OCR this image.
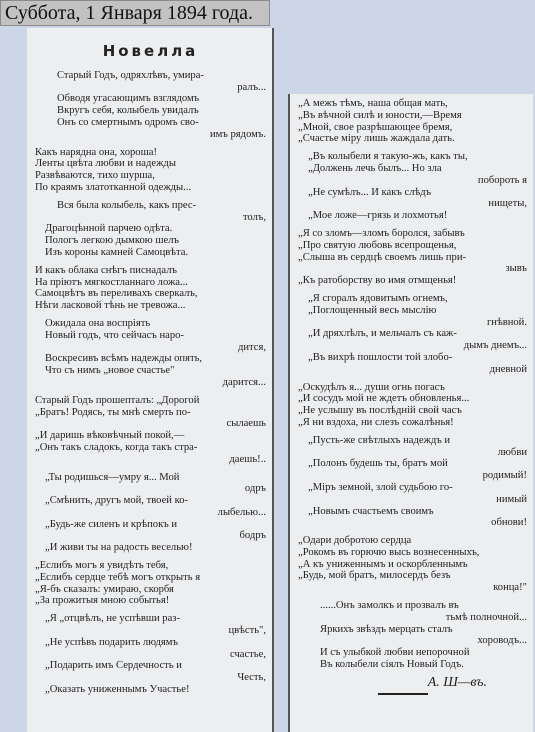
Суббота, 1 Января 1894 года.
Новелла
Старый Годъ, одряхлѣвъ, умира-
ралъ...
Обводя угасающимъ взглядомъ
Вкругъ себя, колыбель увидалъ
Онъ со смертнымъ одромъ сво-
имъ рядомъ.
Какъ нарядна она, хороша!
Ленты цвѣта любви и надежды
Развѣваются, тихо шурша,
По краямъ златотканной одежды...
Вся была колыбель, какъ прес-
толъ,
Драгоцѣнной парчею одѣта.
Пологъ легкою дымкою шелъ
Изъ короны камней Самоцвѣта.
И какъ облака снѣгъ писнадалъ
На пріютъ мягкостланнаго ложа...
Самоцвѣтъ въ переливахъ сверкалъ,
Нѣги ласковой тѣнь не тревожа...
Ожидала она воспріять
Новый годъ, что сейчасъ наро-
дится,
Воскресивъ всѣмъ надежды опять,
Что съ нимъ „новое счастье"
дарится...
Старый Годъ прошепталъ: „Дорогой
„Братъ! Родясь, ты мнѣ смерть по-
сылаешь
„И даришь вѣковѣчный покой,—
„Онъ такъ сладокъ, когда такъ стра-
даешь!..
„Ты родишься—умру я... Мой
одръ
„Смѣнить, другъ мой, твоей ко-
лыбелью...
„Будь-же силенъ и крѣпокъ и
бодръ
„И живи ты на радость веселью!
„Еслибъ могъ я увидѣть тебя,
„Еслибъ сердце тебѣ могъ открыть я
„Я-бъ сказалъ: умираю, скорбя
„За прожитыя мною событья!
„Я „отцвѣлъ, не успѣвши раз-
цвѣсть",
„Не успѣвъ подарить людямъ
счастье,
„Подарить имъ Сердечность и
Честь,
„Оказать униженнымъ Участье!
„А межъ тѣмъ, наша общая мать,
„Въ вѣчной силѣ и юности,—Время
„Мной, свое разрѣшающее бремя,
„Счастье міру лишь жаждала дать.
„Въ колыбели я такую-жъ, какъ ты,
„Должень лечь былъ... Но зла
побороть я
„Не сумѣлъ... И какъ слѣдъ
нищеты,
„Мое ложе—грязь и лохмотья!
„Я со зломъ—зломъ боролся, забывъ
„Про святую любовь всепрощенья,
„Слыша въ сердцѣ своемъ лишь при-
зывъ
„Къ ратоборству во имя отмщенья!
„Я сгоралъ ядовитымъ огнемъ,
„Поглощенный весь мыслію
гнѣвной.
„И дряхлѣлъ, и мельчалъ съ каж-
дымъ днемъ...
„Въ вихрѣ пошлости той злобо-
дневной
„Оскудѣлъ я... души огнь погасъ
„И сосудъ мой не ждетъ обновленья...
„Не услышу въ послѣдній свой часъ
„Я ни вздоха, ни слезъ сожалѣнья!
„Пусть-же свѣтлыхъ надеждъ и
любви
„Полонъ будешь ты, братъ мой
родимый!
„Міръ земной, злой судьбою го-
нимый
„Новымъ счастьемъ своимъ
обнови!
„Одари добротою сердца
„Рокомъ въ горючю высь вознесенныхъ,
„А къ униженнымъ и оскорбленнымъ
„Будь, мой братъ, милосердъ безъ
конца!"
......Онъ замолкъ и прозвалъ въ
тьмѣ полночной...
Яркихъ звѣздъ мерцать сталъ
хороводъ...
И съ улыбкой любви непорочной
Въ колыбели сіялъ Новый Годъ.
А. Ш—въ.
